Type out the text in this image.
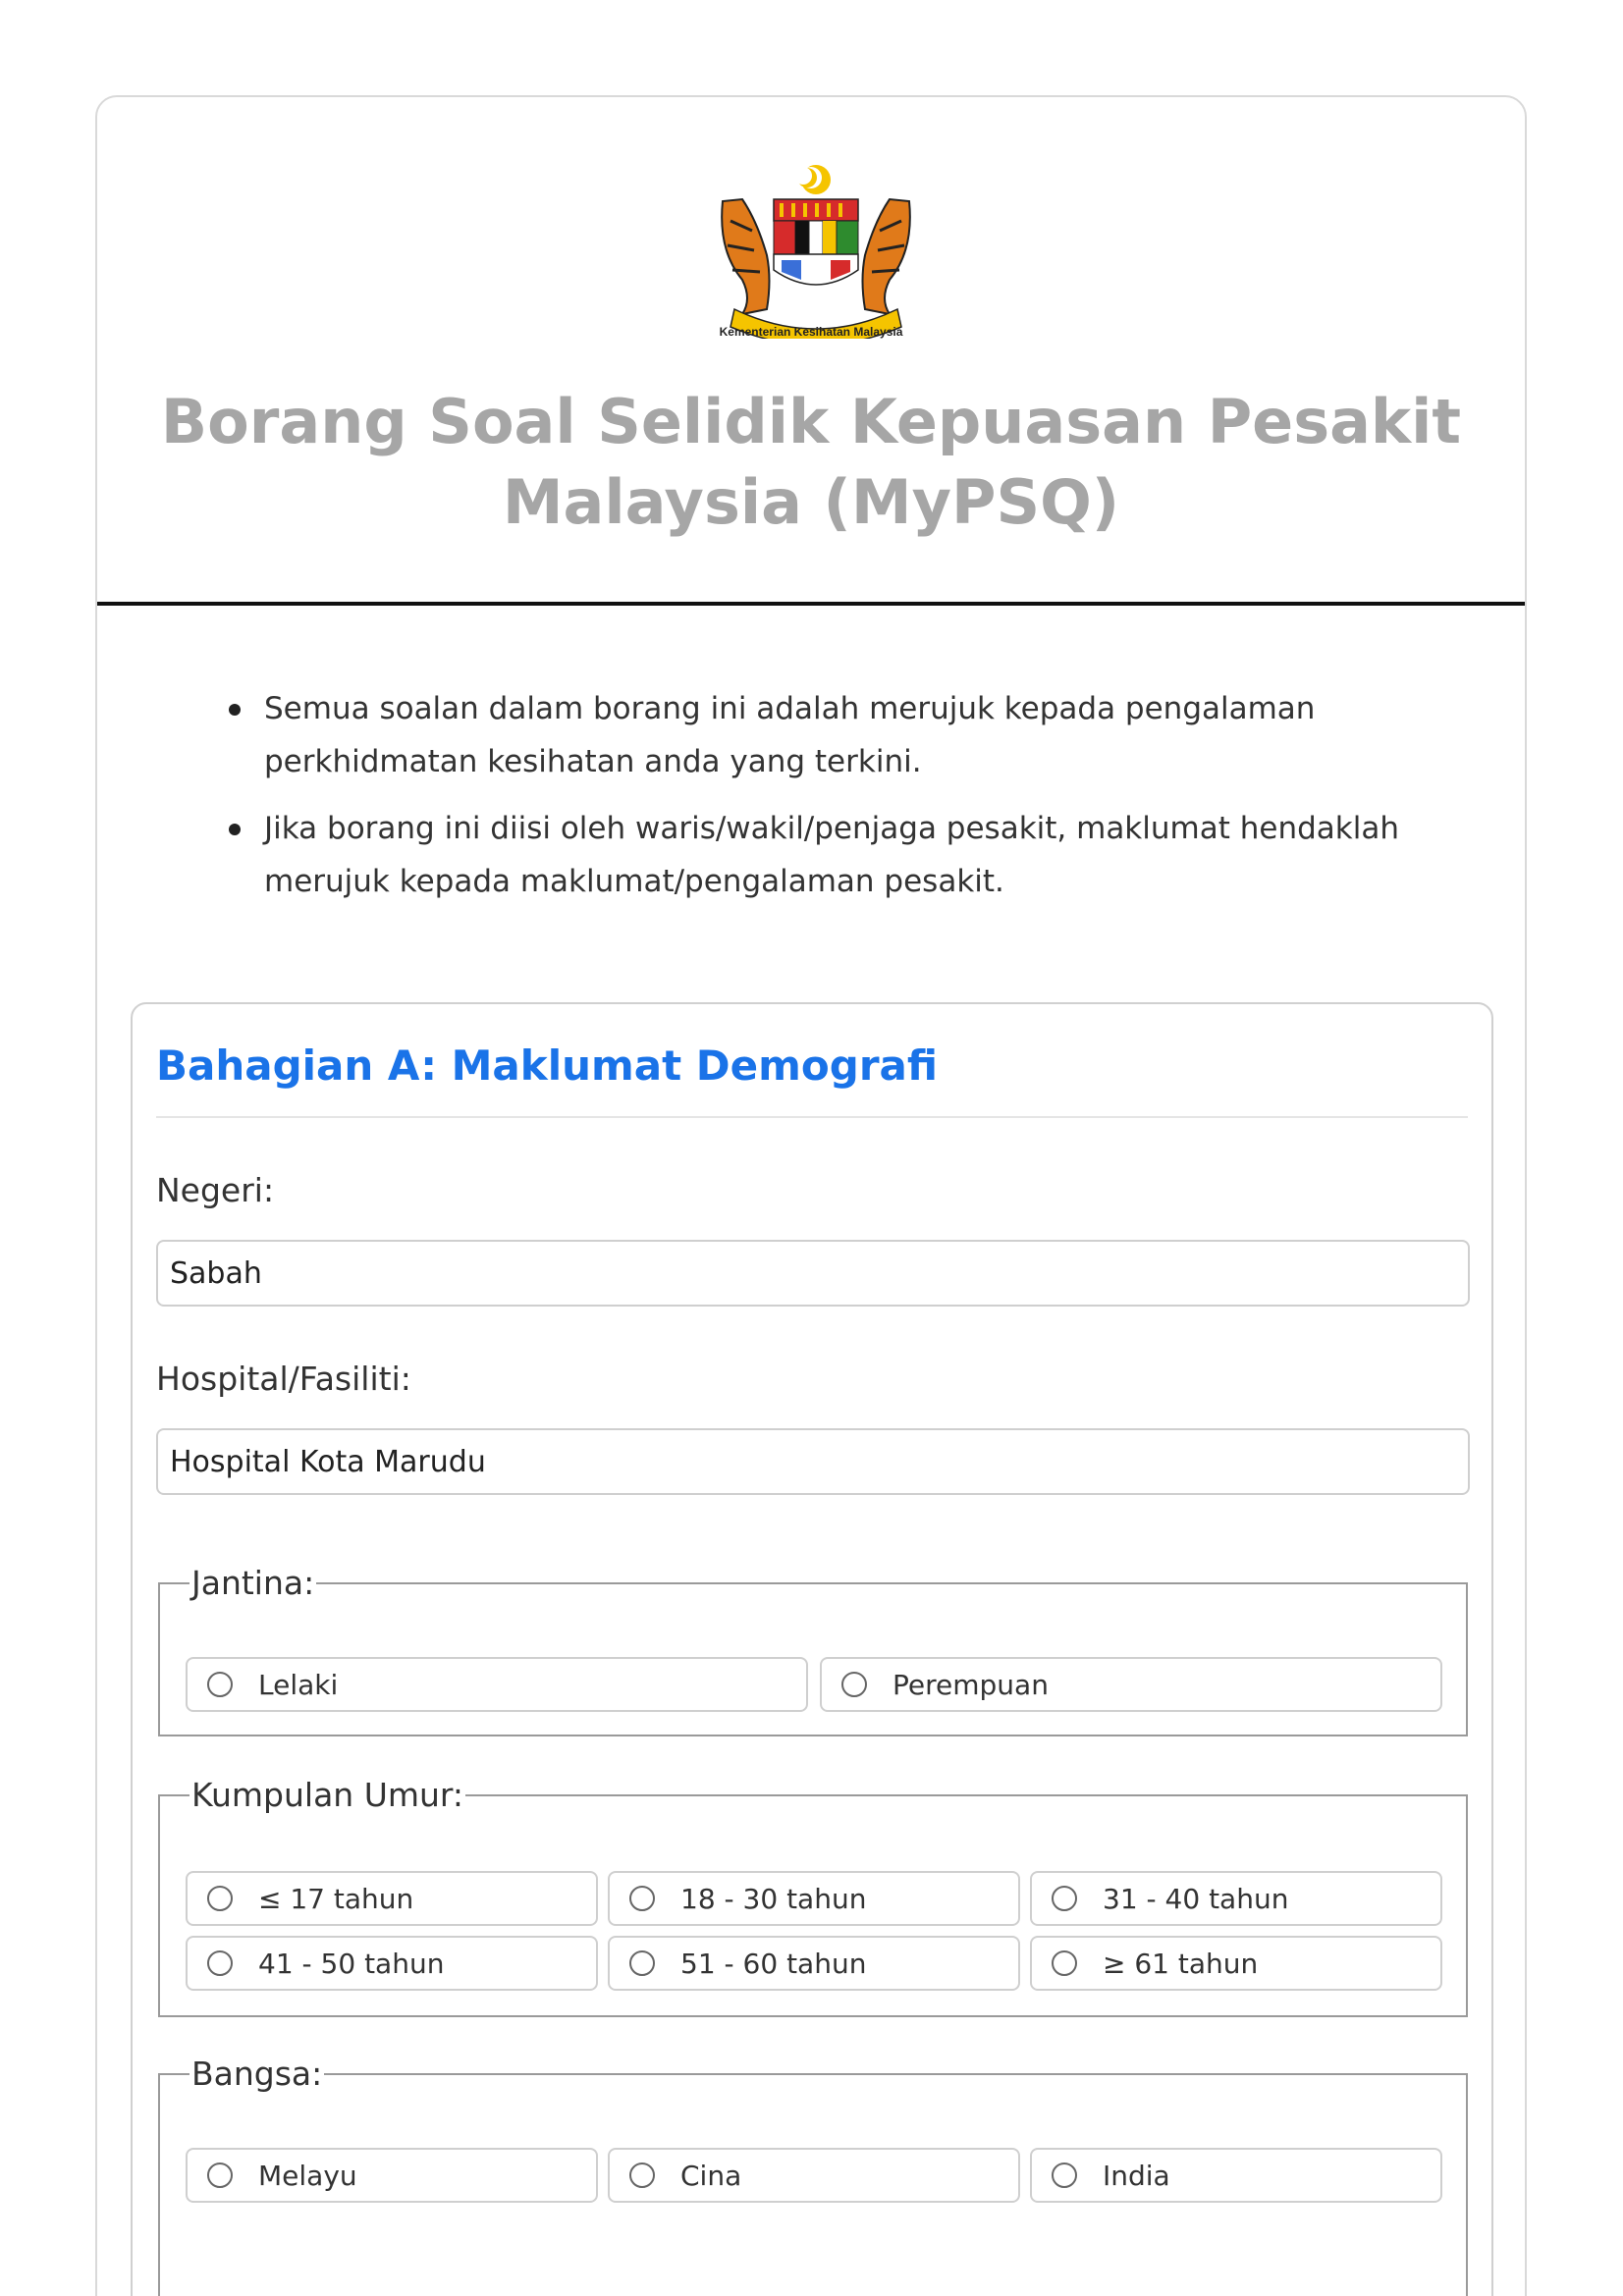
Kementerian Kesihatan Malaysia
Borang Soal Selidik Kepuasan Pesakit
Malaysia (MyPSQ)
Semua soalan dalam borang ini adalah merujuk kepada pengalaman perkhidmatan kesihatan anda yang terkini.
Jika borang ini diisi oleh waris/wakil/penjaga pesakit, maklumat hendaklah merujuk kepada maklumat/pengalaman pesakit.
Bahagian A: Maklumat Demografi
Negeri:
Sabah
Hospital/Fasiliti:
Hospital Kota Marudu
Jantina:
Lelaki	Perempuan
Kumpulan Umur:
≤ 17 tahun	18 - 30 tahun	31 - 40 tahun
41 - 50 tahun	51 - 60 tahun	≥ 61 tahun
Bangsa:
Melayu	Cina	India
